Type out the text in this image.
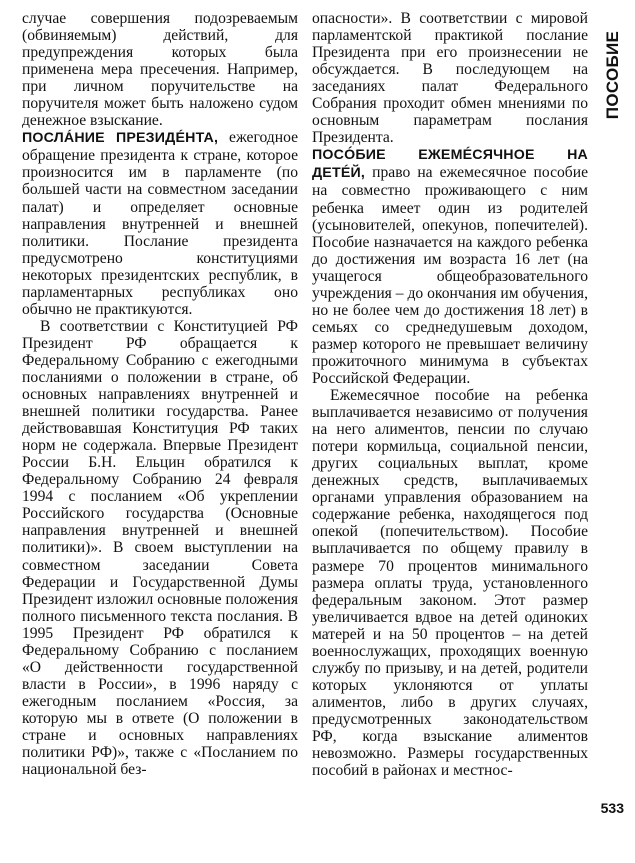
ПОСОБИЕ

случае совершения подозреваемым (обвиняемым) действий, для предупреждения которых была применена мера пресечения. Например, при личном поручительстве на поручителя может быть наложено судом денежное взыскание.

ПОСЛÁНИЕ ПРЕЗИДÉНТА, ежегодное обращение президента к стране, которое произносится им в парламенте (по большей части на совместном заседании палат) и определяет основные направления внутренней и внешней политики. Послание президента предусмотрено конституциями некоторых президентских республик, в парламентарных республиках оно обычно не практикуются.

В соответствии с Конституцией РФ Президент РФ обращается к Федеральному Собранию с ежегодными посланиями о положении в стране, об основных направлениях внутренней и внешней политики государства. Ранее действовавшая Конституция РФ таких норм не содержала. Впервые Президент России Б.Н. Ельцин обратился к Федеральному Собранию 24 февраля 1994 с посланием «Об укреплении Российского государства (Основные направления внутренней и внешней политики)». В своем выступлении на совместном заседании Совета Федерации и Государственной Думы Президент изложил основные положения полного письменного текста послания. В 1995 Президент РФ обратился к Федеральному Собранию с посланием «О действенности государственной власти в России», в 1996 наряду с ежегодным посланием «Россия, за которую мы в ответе (О положении в стране и основных направлениях политики РФ)», также с «Посланием по национальной без-

опасности». В соответствии с мировой парламентской практикой послание Президента при его произнесении не обсуждается. В последующем на заседаниях палат Федерального Собрания проходит обмен мнениями по основным параметрам послания Президента.

ПОСÓБИЕ ЕЖЕМÉСЯЧНОЕ НА ДЕТÉЙ, право на ежемесячное пособие на совместно проживающего с ним ребенка имеет один из родителей (усыновителей, опекунов, попечителей). Пособие назначается на каждого ребенка до достижения им возраста 16 лет (на учащегося общеобразовательного учреждения – до окончания им обучения, но не более чем до достижения 18 лет) в семьях со среднедушевым доходом, размер которого не превышает величину прожиточного минимума в субъектах Российской Федерации.

Ежемесячное пособие на ребенка выплачивается независимо от получения на него алиментов, пенсии по случаю потери кормильца, социальной пенсии, других социальных выплат, кроме денежных средств, выплачиваемых органами управления образованием на содержание ребенка, находящегося под опекой (попечительством). Пособие выплачивается по общему правилу в размере 70 процентов минимального размера оплаты труда, установленного федеральным законом. Этот размер увеличивается вдвое на детей одиноких матерей и на 50 процентов – на детей военнослужащих, проходящих военную службу по призыву, и на детей, родители которых уклоняются от уплаты алиментов, либо в других случаях, предусмотренных законодательством РФ, когда взыскание алиментов невозможно. Размеры государственных пособий в районах и местнос-

533
